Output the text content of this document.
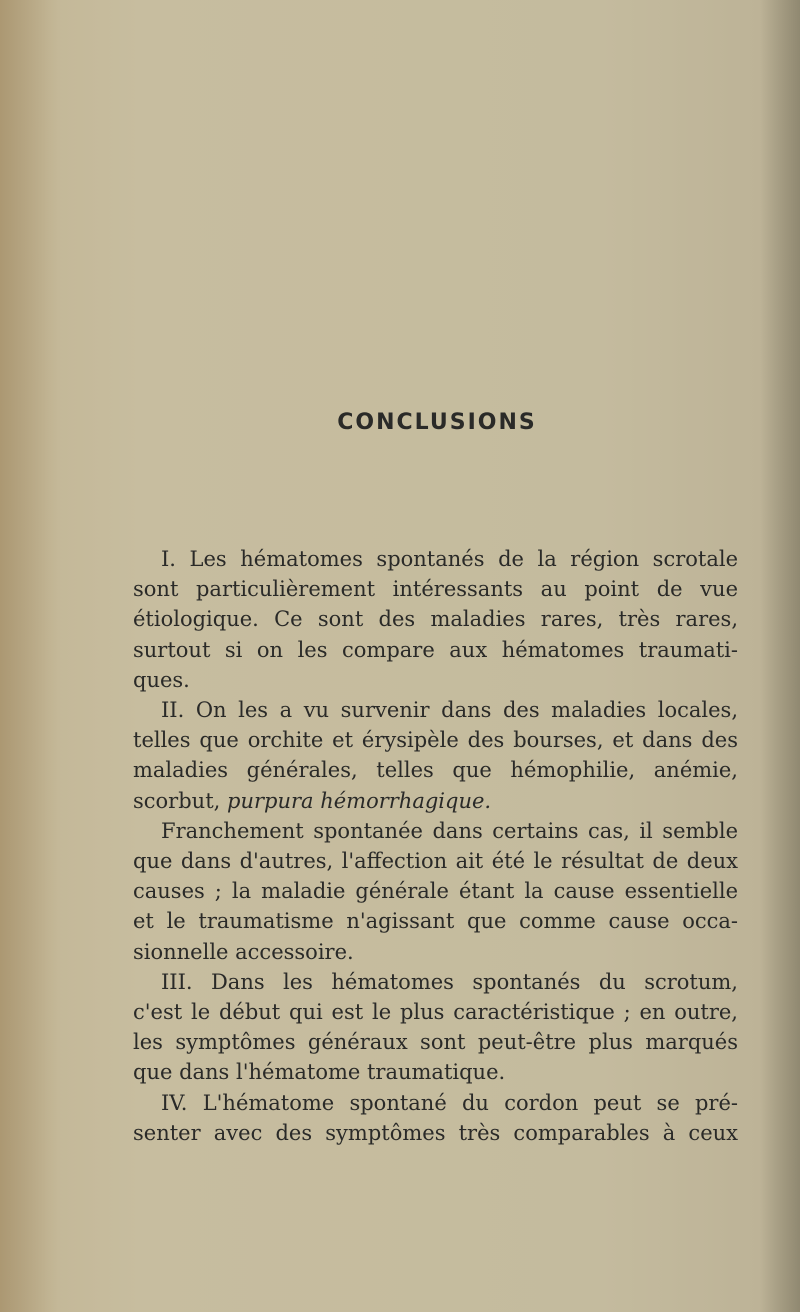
CONCLUSIONS
I. Les hématomes spontanés de la région scrotale
sont particulièrement intéressants au point de vue
étiologique. Ce sont des maladies rares, très rares,
surtout si on les compare aux hématomes traumati-
ques.
II. On les a vu survenir dans des maladies locales,
telles que orchite et érysipèle des bourses, et dans des
maladies générales, telles que hémophilie, anémie,
scorbut, purpura hémorrhagique.
Franchement spontanée dans certains cas, il semble
que dans d'autres, l'affection ait été le résultat de deux
causes ; la maladie générale étant la cause essentielle
et le traumatisme n'agissant que comme cause occa-
sionnelle accessoire.
III. Dans les hématomes spontanés du scrotum,
c'est le début qui est le plus caractéristique ; en outre,
les symptômes généraux sont peut-être plus marqués
que dans l'hématome traumatique.
IV. L'hématome spontané du cordon peut se pré-
senter avec des symptômes très comparables à ceux
